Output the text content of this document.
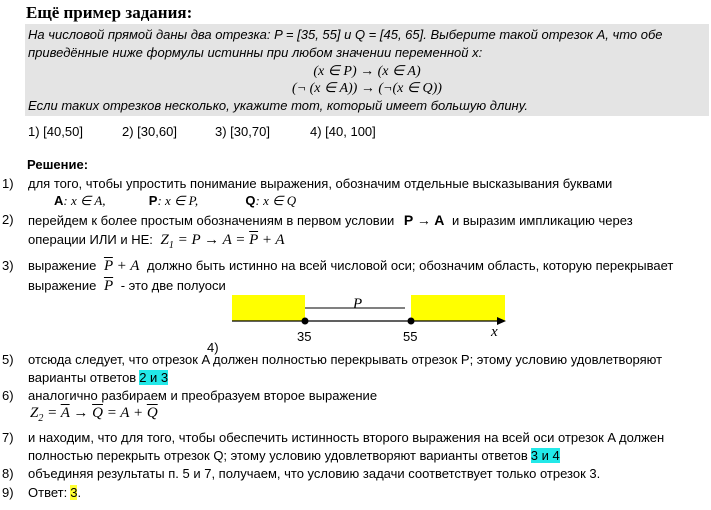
Ещё пример задания:
На числовой прямой даны два отрезка: P = [35, 55] и Q = [45, 65]. Выберите такой отрезок A, что обе
приведённые ниже формулы истинны при любом значении переменной x:
(x ∈ P) → (x ∈ A)
(¬ (x ∈ A)) → (¬(x ∈ Q))
Если таких отрезков несколько, укажите тот, который имеет большую длину.
1) [40,50]	2) [30,60]	3) [30,70]	4) [40, 100]
Решение:
1)	для того, чтобы упростить понимание выражения, обозначим отдельные высказывания буквами
A: x ∈ A,	P: x ∈ P,	Q: x ∈ Q
2)	перейдем к более простым обозначениям в первом условии P → A и выразим импликацию через
операции ИЛИ и НЕ: $Z_1 = P \to A = \overline{P} + A$
3)	выражение $\overline{P} + A$ должно быть истинно на всей числовой оси; обозначим область, которую перекрывает
выражение $\overline{P}$ - это две полуоси
P
35	55	x
4)
5)	отсюда следует, что отрезок A должен полностью перекрывать отрезок P; этому условию удовлетворяют
варианты ответов 2 и 3
6)	аналогично разбираем и преобразуем второе выражение
$Z_2 = \overline{A} \to \overline{Q} = A + \overline{Q}$
7)	и находим, что для того, чтобы обеспечить истинность второго выражения на всей оси отрезок A должен
полностью перекрыть отрезок Q; этому условию удовлетворяют варианты ответов 3 и 4
8)	объединяя результаты п. 5 и 7, получаем, что условию задачи соответствует только отрезок 3.
9)	Ответ: 3.
